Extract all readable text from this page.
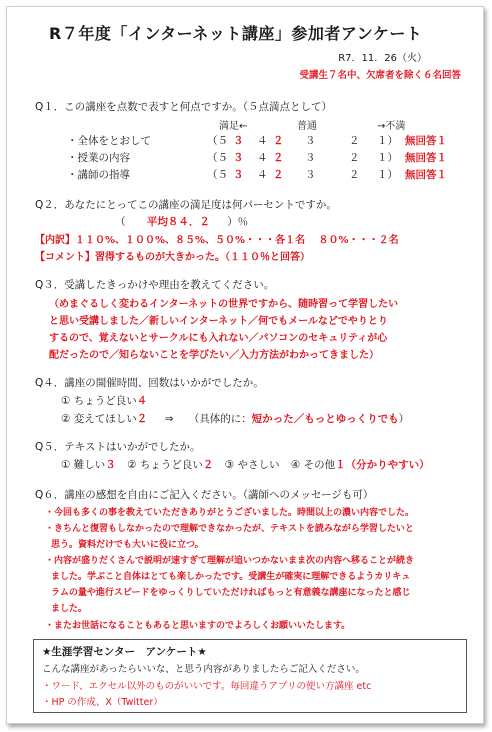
R７年度「インターネット講座」参加者アンケート
R7．11．26（火）
受講生７名中、欠席者を除く６名回答
Q１．この講座を点数で表すと何点ですか。（５点満点として）
満足←	普通	→不満
・全体をとおして	（５ ３ ４ ２ ３	２ １） 無回答１
・授業の内容	（５ ３ ４ ２ ３	２ １） 無回答１
・講師の指導	（５ ３ ４ ２ ３	２ １） 無回答１
Q２．あなたにとってこの講座の満足度は何パーセントですか。
（ 平均８４．２ ）％
【内訳】１１０%、１００%、８５%、５０%・・・各１名　 ８０%・・・２名
【コメント】習得するものが大きかった。（１１０％と回答）
Q３．受講したきっかけや理由を教えてください。
（めまぐるしく変わるインターネットの世界ですから、随時習って学習したい
と思い受講しました／新しいインターネット／何でもメールなどでやりとり
するので、覚えないとサークルにも入れない／パソコンのセキュリティが心
配だったので／知らないことを学びたい／入力方法がわかってきました）
Q４．講座の開催時間、回数はいかがでしたか。
① ちょうど良い４
② 変えてほしい２ ⇒ （具体的に：短かった／もっとゆっくりでも）
Q５．テキストはいかがでしたか。
① 難しい３ ② ちょうど良い２ ③ やさしい ④ その他１（分かりやすい）
Q６．講座の感想を自由にご記入ください。（講師へのメッセージも可）
・今回も多くの事を教えていただきありがとうございました。時間以上の濃い内容でした。
・きちんと復習もしなかったので理解できなかったが、テキストを読みながら学習したいと
思う。資料だけでも大いに役に立つ。
・内容が盛りだくさんで説明が速すぎて理解が追いつかないまま次の内容へ移ることが続き
ました。学ぶこと自体はとても楽しかったです。受講生が確実に理解できるようカリキュ
ラムの量や進行スピードをゆっくりしていただければもっと有意義な講座になったと感じ
ました。
・またお世話になることもあると思いますのでよろしくお願いいたします。
★生涯学習センター　アンケート★
こんな講座があったらいいな、と思う内容がありましたらご記入ください。
・ワード、エクセル以外のものがいいです。毎回違うアプリの使い方講座 etc
・HP の作成、X（Twitter）
